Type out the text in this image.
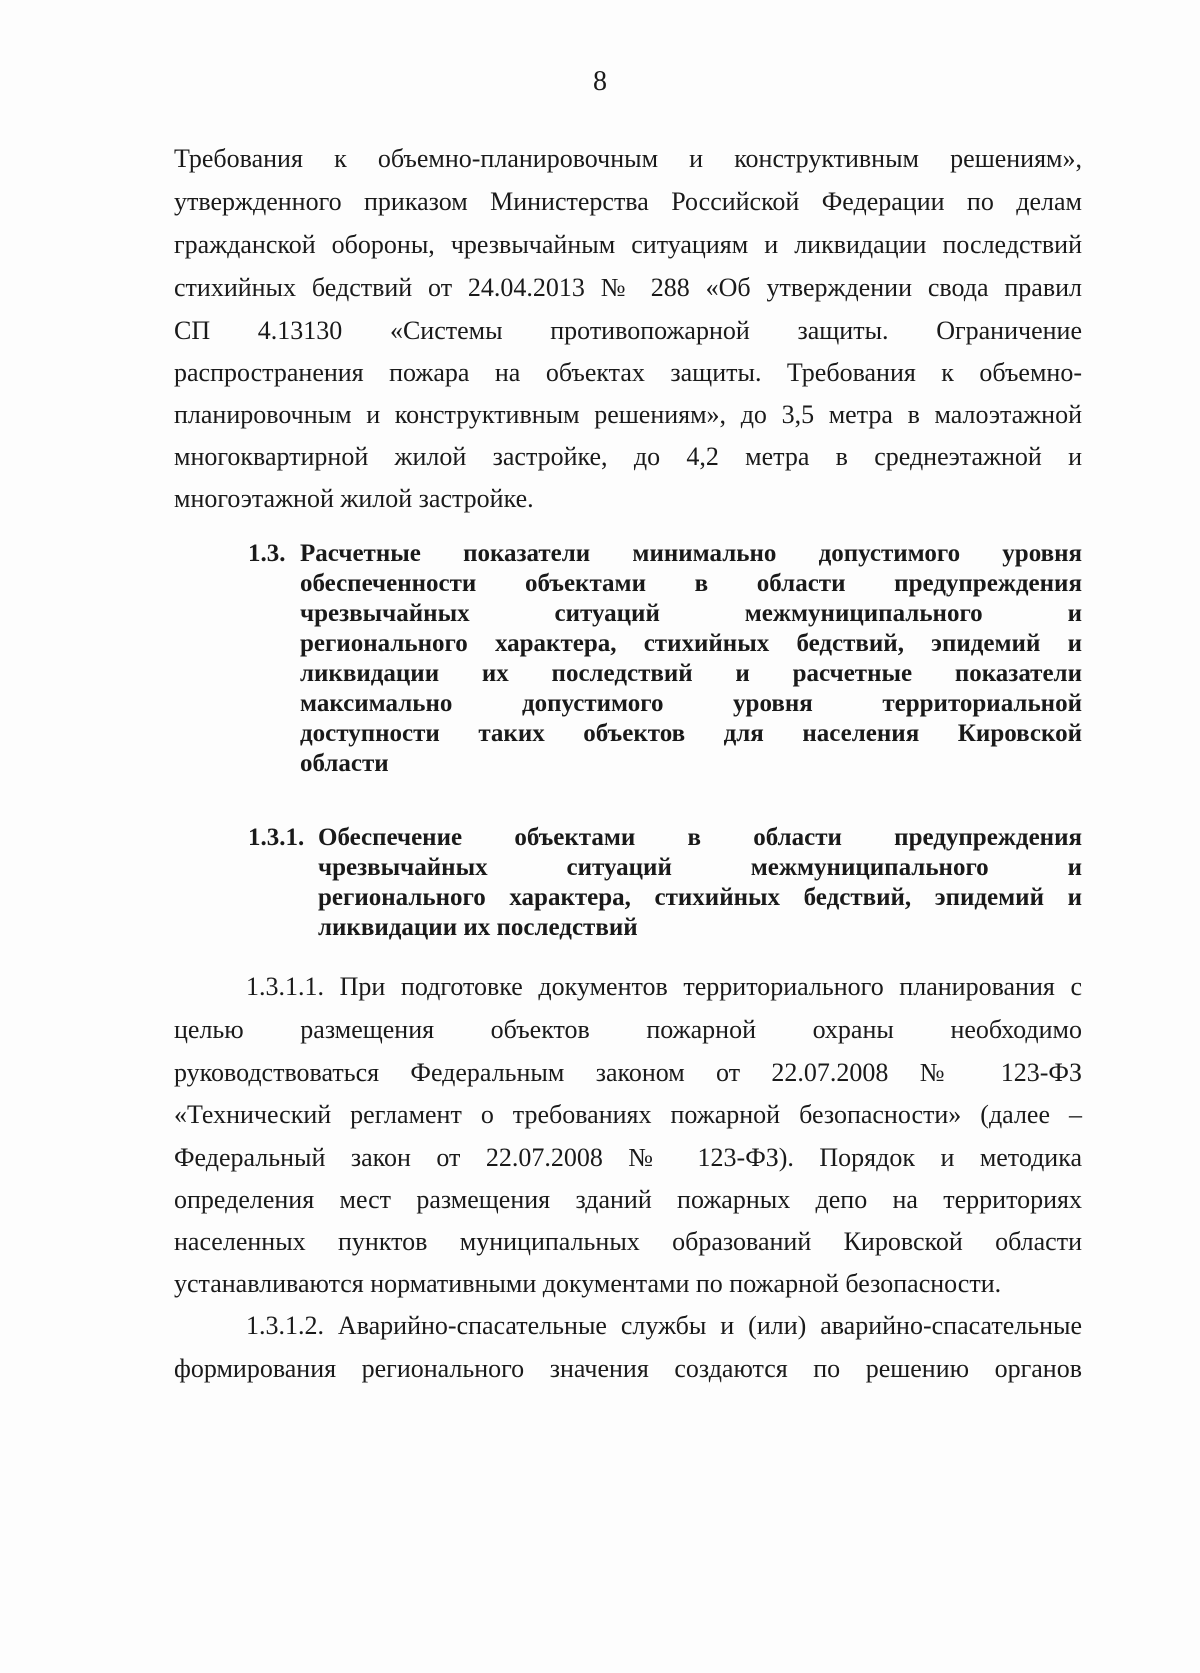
8
Требования к объемно-планировочным и конструктивным решениям»,
утвержденного приказом Министерства Российской Федерации по делам
гражданской обороны, чрезвычайным ситуациям и ликвидации последствий
стихийных бедствий от 24.04.2013 № 288 «Об утверждении свода правил
СП 4.13130 «Системы противопожарной защиты. Ограничение
распространения пожара на объектах защиты. Требования к объемно-
планировочным и конструктивным решениям», до 3,5 метра в малоэтажной
многоквартирной жилой застройке, до 4,2 метра в среднеэтажной и
многоэтажной жилой застройке.
1.3. Расчетные показатели минимально допустимого уровня
обеспеченности объектами в области предупреждения
чрезвычайных ситуаций межмуниципального и
регионального характера, стихийных бедствий, эпидемий и
ликвидации их последствий и расчетные показатели
максимально допустимого уровня территориальной
доступности таких объектов для населения Кировской
области
1.3.1. Обеспечение объектами в области предупреждения
чрезвычайных ситуаций межмуниципального и
регионального характера, стихийных бедствий, эпидемий и
ликвидации их последствий
1.3.1.1. При подготовке документов территориального планирования с
целью размещения объектов пожарной охраны необходимо
руководствоваться Федеральным законом от 22.07.2008 № 123-ФЗ
«Технический регламент о требованиях пожарной безопасности» (далее –
Федеральный закон от 22.07.2008 № 123-ФЗ). Порядок и методика
определения мест размещения зданий пожарных депо на территориях
населенных пунктов муниципальных образований Кировской области
устанавливаются нормативными документами по пожарной безопасности.
1.3.1.2. Аварийно-спасательные службы и (или) аварийно-спасательные
формирования регионального значения создаются по решению органов
